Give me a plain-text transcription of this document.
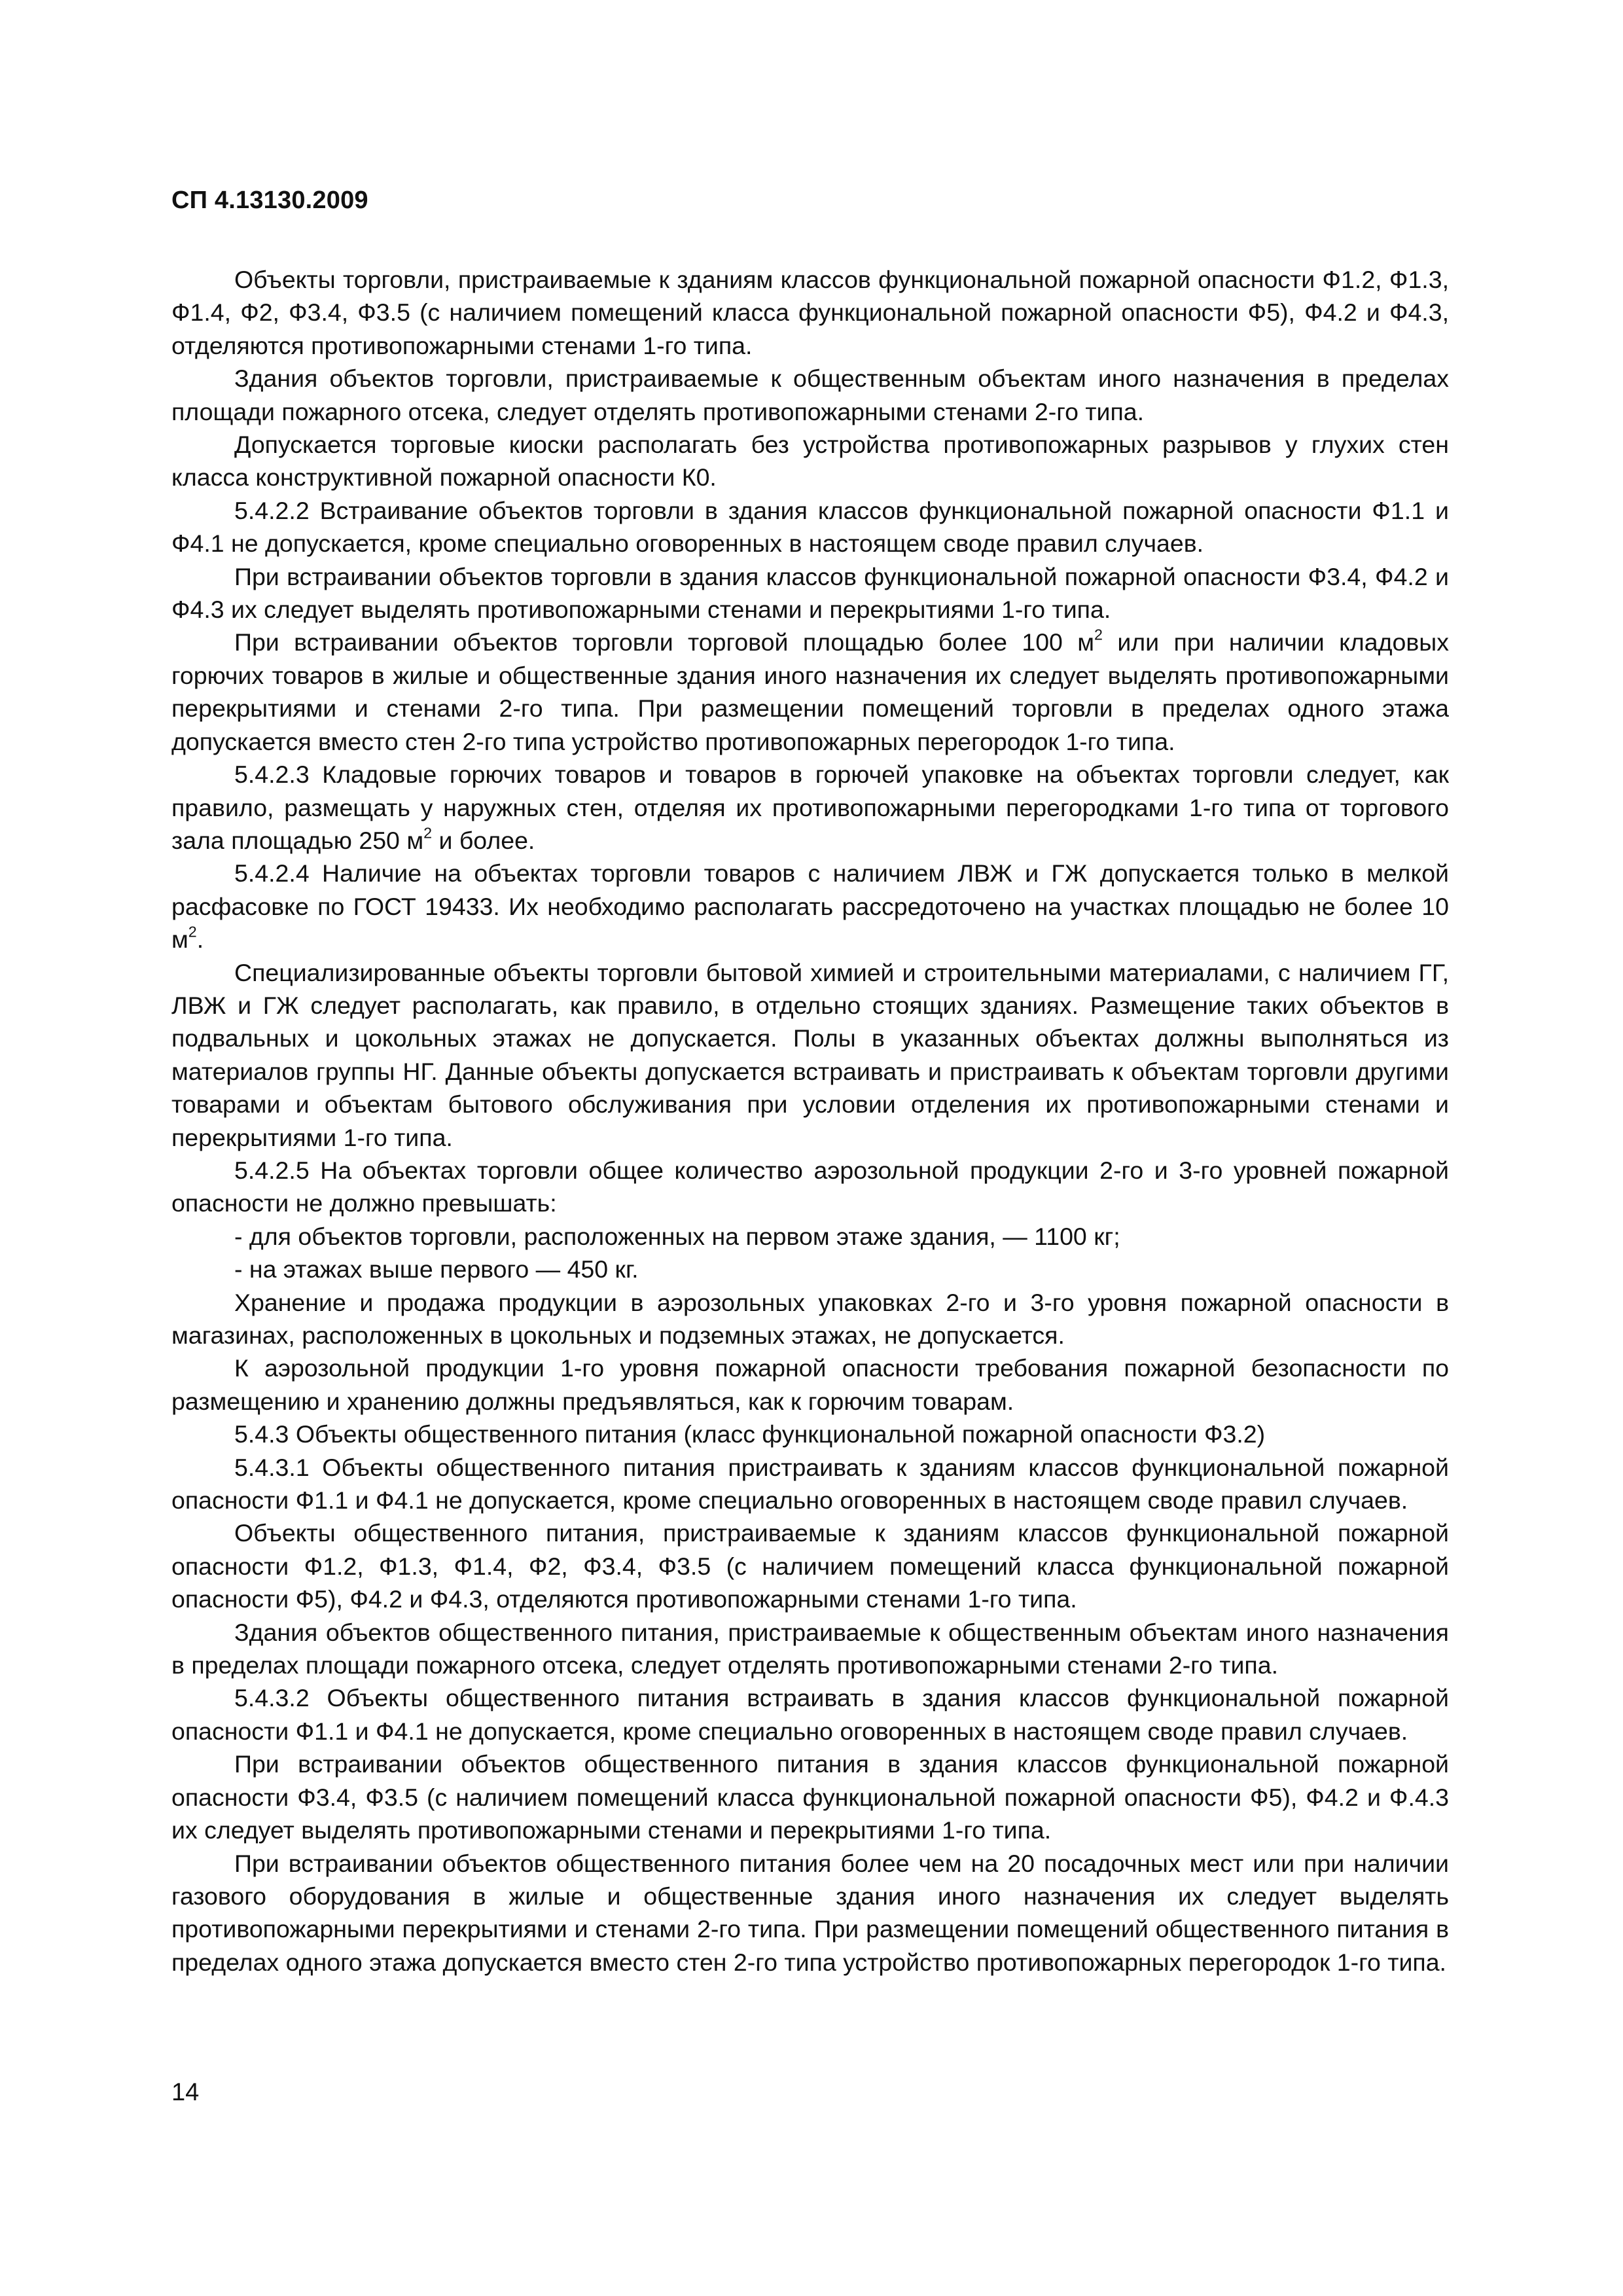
СП 4.13130.2009

Объекты торговли, пристраиваемые к зданиям классов функциональной пожарной опасности Ф1.2, Ф1.3, Ф1.4, Ф2, Ф3.4, Ф3.5 (с наличием помещений класса функциональной пожарной опасности Ф5), Ф4.2 и Ф4.3, отделяются противопожарными стенами 1-го типа.

Здания объектов торговли, пристраиваемые к общественным объектам иного назначения в пределах площади пожарного отсека, следует отделять противопожарными стенами 2-го типа.

Допускается торговые киоски располагать без устройства противопожарных разрывов у глухих стен класса конструктивной пожарной опасности К0.

5.4.2.2 Встраивание объектов торговли в здания классов функциональной пожарной опасности Ф1.1 и Ф4.1 не допускается, кроме специально оговоренных в настоящем своде правил случаев.

При встраивании объектов торговли в здания классов функциональной пожарной опасности Ф3.4, Ф4.2 и Ф4.3 их следует выделять противопожарными стенами и перекрытиями 1-го типа.

При встраивании объектов торговли торговой площадью более 100 $м^2$ или при наличии кладовых горючих товаров в жилые и общественные здания иного назначения их следует выделять противопожарными перекрытиями и стенами 2-го типа. При размещении помещений торговли в пределах одного этажа допускается вместо стен 2-го типа устройство противопожарных перегородок 1-го типа.

5.4.2.3 Кладовые горючих товаров и товаров в горючей упаковке на объектах торговли следует, как правило, размещать у наружных стен, отделяя их противопожарными перегородками 1-го типа от торгового зала площадью 250 $м^2$ и более.

5.4.2.4 Наличие на объектах торговли товаров с наличием ЛВЖ и ГЖ допускается только в мелкой расфасовке по ГОСТ 19433. Их необходимо располагать рассредоточено на участках площадью не более 10 $м^2$.

Специализированные объекты торговли бытовой химией и строительными материалами, с наличием ГГ, ЛВЖ и ГЖ следует располагать, как правило, в отдельно стоящих зданиях. Размещение таких объектов в подвальных и цокольных этажах не допускается. Полы в указанных объектах должны выполняться из материалов группы НГ. Данные объекты допускается встраивать и пристраивать к объектам торговли другими товарами и объектам бытового обслуживания при условии отделения их противопожарными стенами и перекрытиями 1-го типа.

5.4.2.5 На объектах торговли общее количество аэрозольной продукции 2-го и 3-го уровней пожарной опасности не должно превышать:

- для объектов торговли, расположенных на первом этаже здания, — 1100 кг;

- на этажах выше первого — 450 кг.

Хранение и продажа продукции в аэрозольных упаковках 2-го и 3-го уровня пожарной опасности в магазинах, расположенных в цокольных и подземных этажах, не допускается.

К аэрозольной продукции 1-го уровня пожарной опасности требования пожарной безопасности по размещению и хранению должны предъявляться, как к горючим товарам.

5.4.3 Объекты общественного питания (класс функциональной пожарной опасности Ф3.2)

5.4.3.1 Объекты общественного питания пристраивать к зданиям классов функциональной пожарной опасности Ф1.1 и Ф4.1 не допускается, кроме специально оговоренных в настоящем своде правил случаев.

Объекты общественного питания, пристраиваемые к зданиям классов функциональной пожарной опасности Ф1.2, Ф1.3, Ф1.4, Ф2, Ф3.4, Ф3.5 (с наличием помещений класса функциональной пожарной опасности Ф5), Ф4.2 и Ф4.3, отделяются противопожарными стенами 1-го типа.

Здания объектов общественного питания, пристраиваемые к общественным объектам иного назначения в пределах площади пожарного отсека, следует отделять противопожарными стенами 2-го типа.

5.4.3.2 Объекты общественного питания встраивать в здания классов функциональной пожарной опасности Ф1.1 и Ф4.1 не допускается, кроме специально оговоренных в настоящем своде правил случаев.

При встраивании объектов общественного питания в здания классов функциональной пожарной опасности Ф3.4, Ф3.5 (с наличием помещений класса функциональной пожарной опасности Ф5), Ф4.2 и Ф.4.3 их следует выделять противопожарными стенами и перекрытиями 1-го типа.

При встраивании объектов общественного питания более чем на 20 посадочных мест или при наличии газового оборудования в жилые и общественные здания иного назначения их следует выделять противопожарными перекрытиями и стенами 2-го типа. При размещении помещений общественного питания в пределах одного этажа допускается вместо стен 2-го типа устройство противопожарных перегородок 1-го типа.

14
